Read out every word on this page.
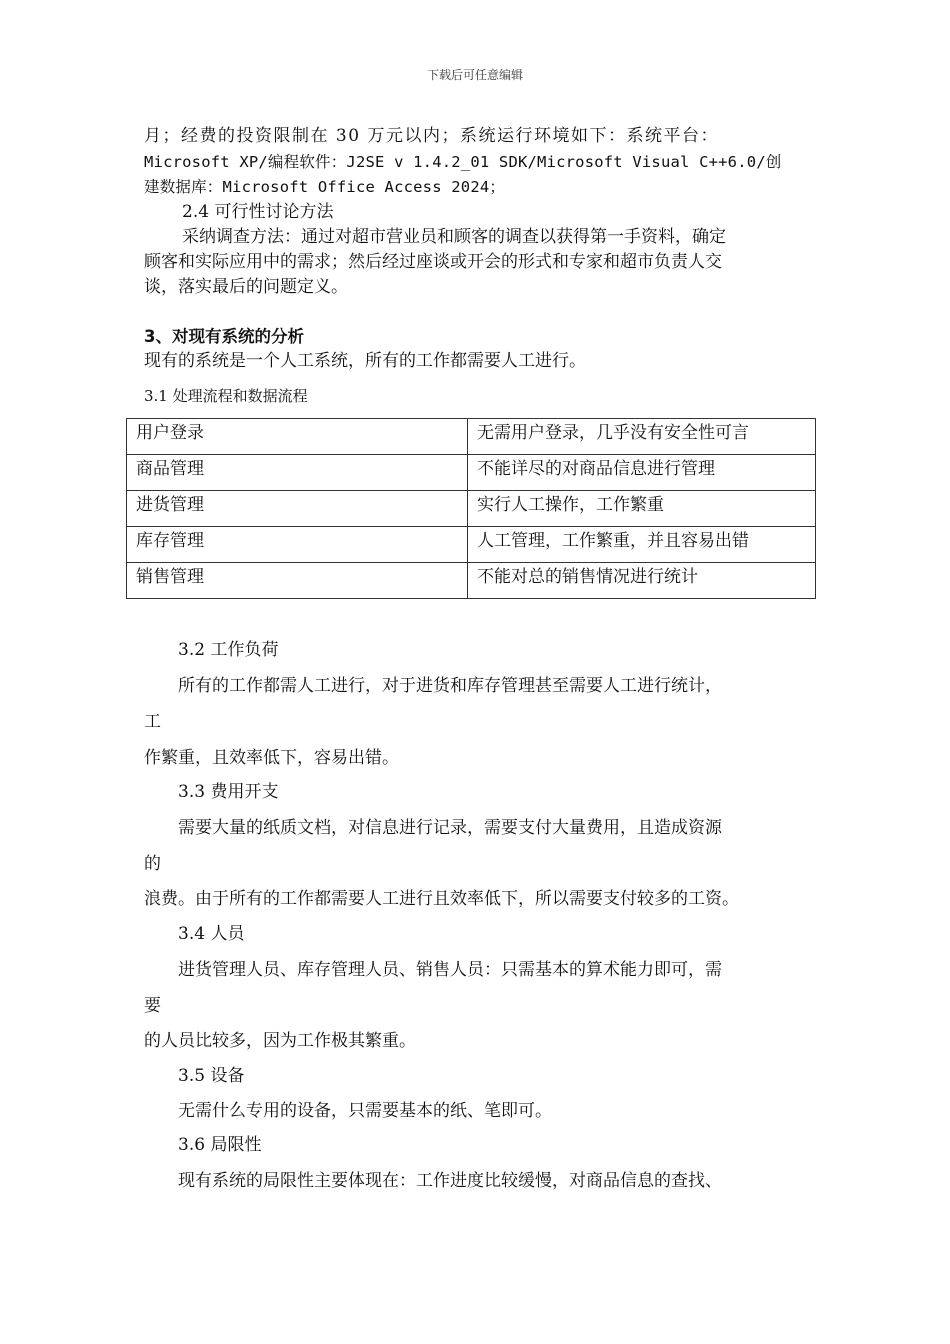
下载后可任意编辑
月；经费的投资限制在 30 万元以内；系统运行环境如下：系统平台：
Microsoft XP/编程软件：J2SE v 1.4.2_01 SDK/Microsoft Visual C++6.0/创
建数据库：Microsoft Office Access 2024；
2.4 可行性讨论方法
采纳调查方法：通过对超市营业员和顾客的调查以获得第一手资料，确定
顾客和实际应用中的需求；然后经过座谈或开会的形式和专家和超市负责人交
谈，落实最后的问题定义。
3、对现有系统的分析
现有的系统是一个人工系统，所有的工作都需要人工进行。
3.1 处理流程和数据流程
用户登录	无需用户登录，几乎没有安全性可言
商品管理	不能详尽的对商品信息进行管理
进货管理	实行人工操作，工作繁重
库存管理	人工管理，工作繁重，并且容易出错
销售管理	不能对总的销售情况进行统计
3.2 工作负荷
所有的工作都需人工进行，对于进货和库存管理甚至需要人工进行统计，
工
作繁重，且效率低下，容易出错。
3.3 费用开支
需要大量的纸质文档，对信息进行记录，需要支付大量费用，且造成资源
的
浪费。由于所有的工作都需要人工进行且效率低下，所以需要支付较多的工资。
3.4 人员
进货管理人员、库存管理人员、销售人员：只需基本的算术能力即可，需
要
的人员比较多，因为工作极其繁重。
3.5 设备
无需什么专用的设备，只需要基本的纸、笔即可。
3.6 局限性
现有系统的局限性主要体现在：工作进度比较缓慢，对商品信息的查找、
